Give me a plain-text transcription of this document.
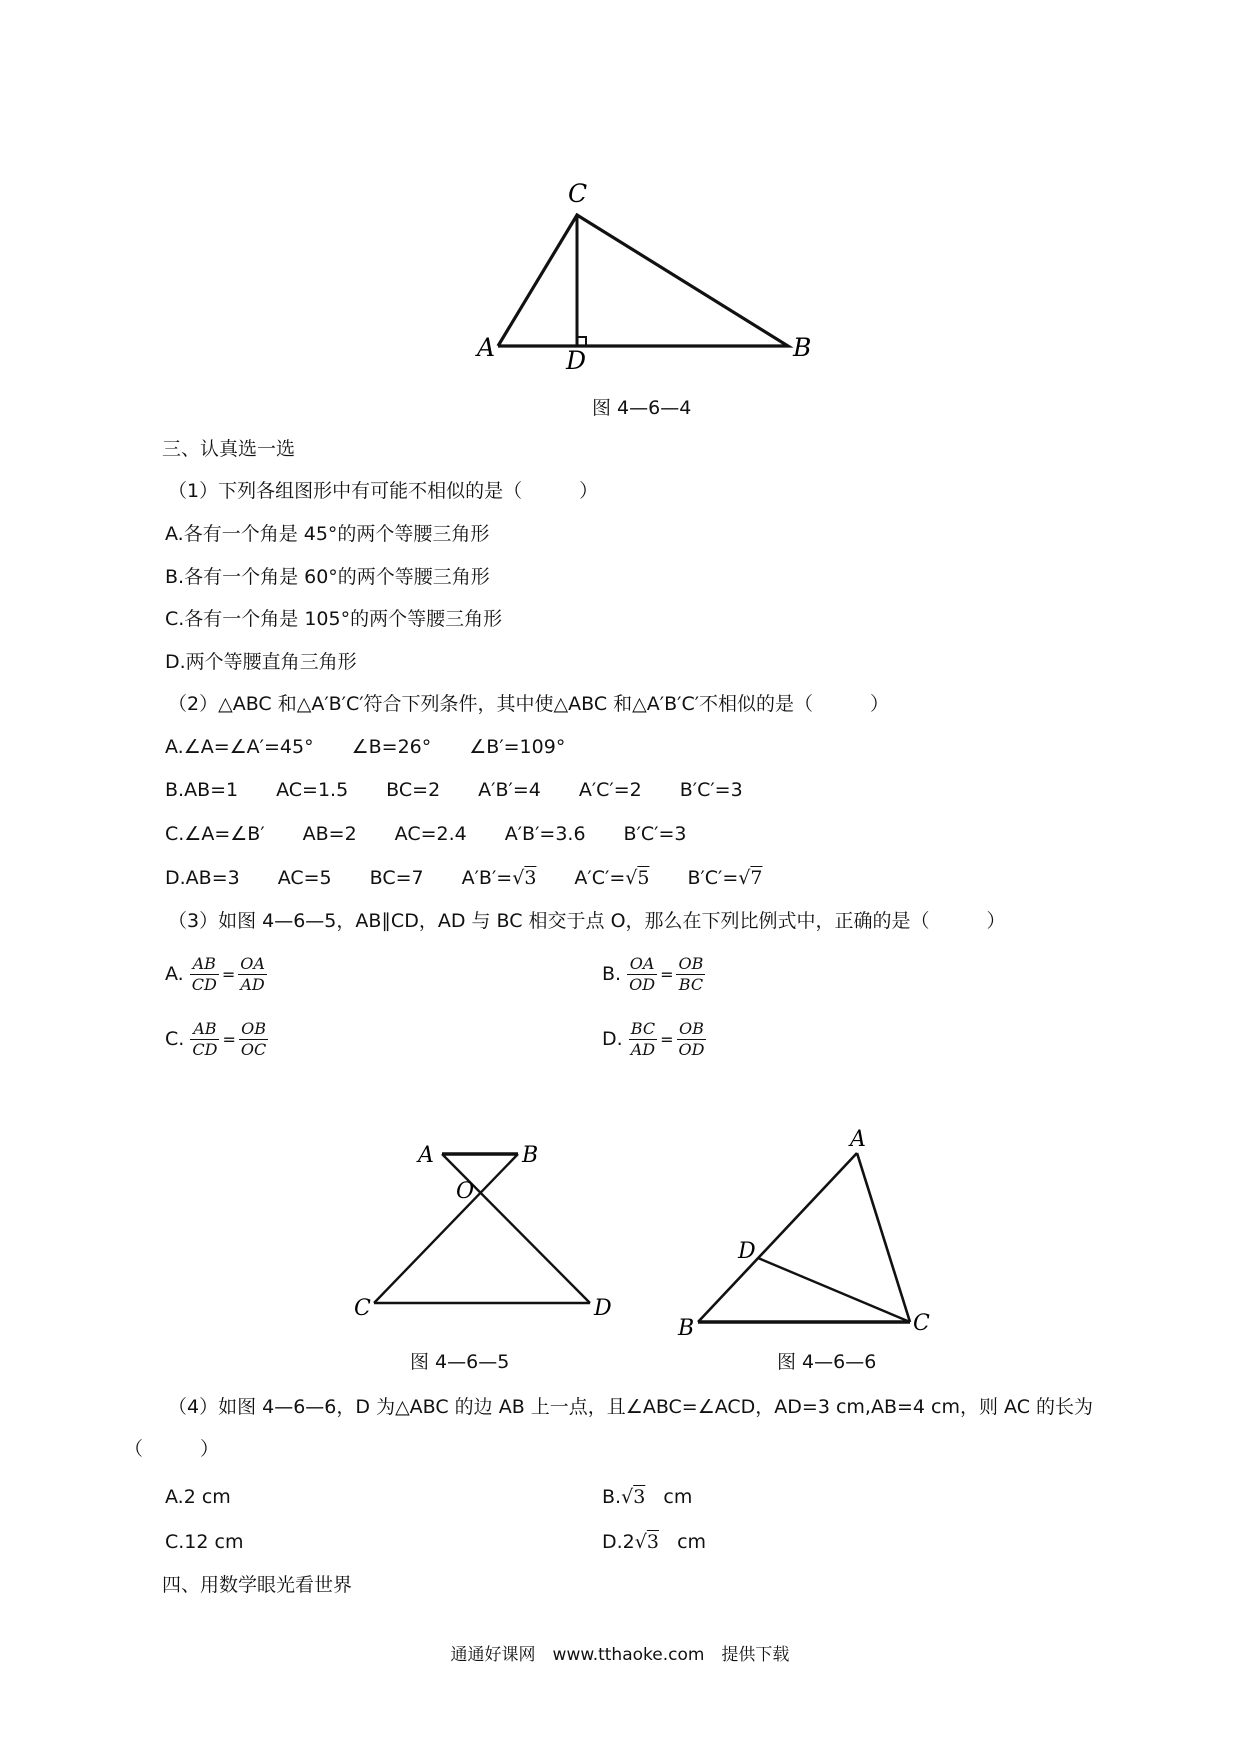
C
A	D	B
图 4—6—4
三、认真选一选
（1）下列各组图形中有可能不相似的是（　　　）
A.各有一个角是 45°的两个等腰三角形
B.各有一个角是 60°的两个等腰三角形
C.各有一个角是 105°的两个等腰三角形
D.两个等腰直角三角形
（2）△ABC 和△A′B′C′符合下列条件，其中使△ABC 和△A′B′C′不相似的是（　　　）
A.∠A=∠A′=45°　　∠B=26°　　∠B′=109°
B.AB=1　　AC=1.5　　BC=2　　A′B′=4　　A′C′=2　　B′C′=3
C.∠A=∠B′　　AB=2　　AC=2.4　　A′B′=3.6　　B′C′=3
D.AB=3　　AC=5　　BC=7　　A′B′=√3　　A′C′=√5　　B′C′=√7
（3）如图 4—6—5，AB∥CD，AD 与 BC 相交于点 O，那么在下列比例式中，正确的是（　　　）
A. $\frac{AB}{CD} = \frac{OA}{AD}$	B. $\frac{OA}{OD} = \frac{OB}{BC}$
C. $\frac{AB}{CD} = \frac{OB}{OC}$	D. $\frac{BC}{AD} = \frac{OB}{OD}$
A	B
O
C	D
图 4—6—5
A
D
B	C
图 4—6—6
（4）如图 4—6—6，D 为△ABC 的边 AB 上一点，且∠ABC=∠ACD，AD=3 cm,AB=4 cm，则 AC 的长为
（　　　）
A.2 cm	B.√3 cm
C.12 cm	D.2√3 cm
四、用数学眼光看世界
通通好课网　www.tthaoke.com　提供下载
